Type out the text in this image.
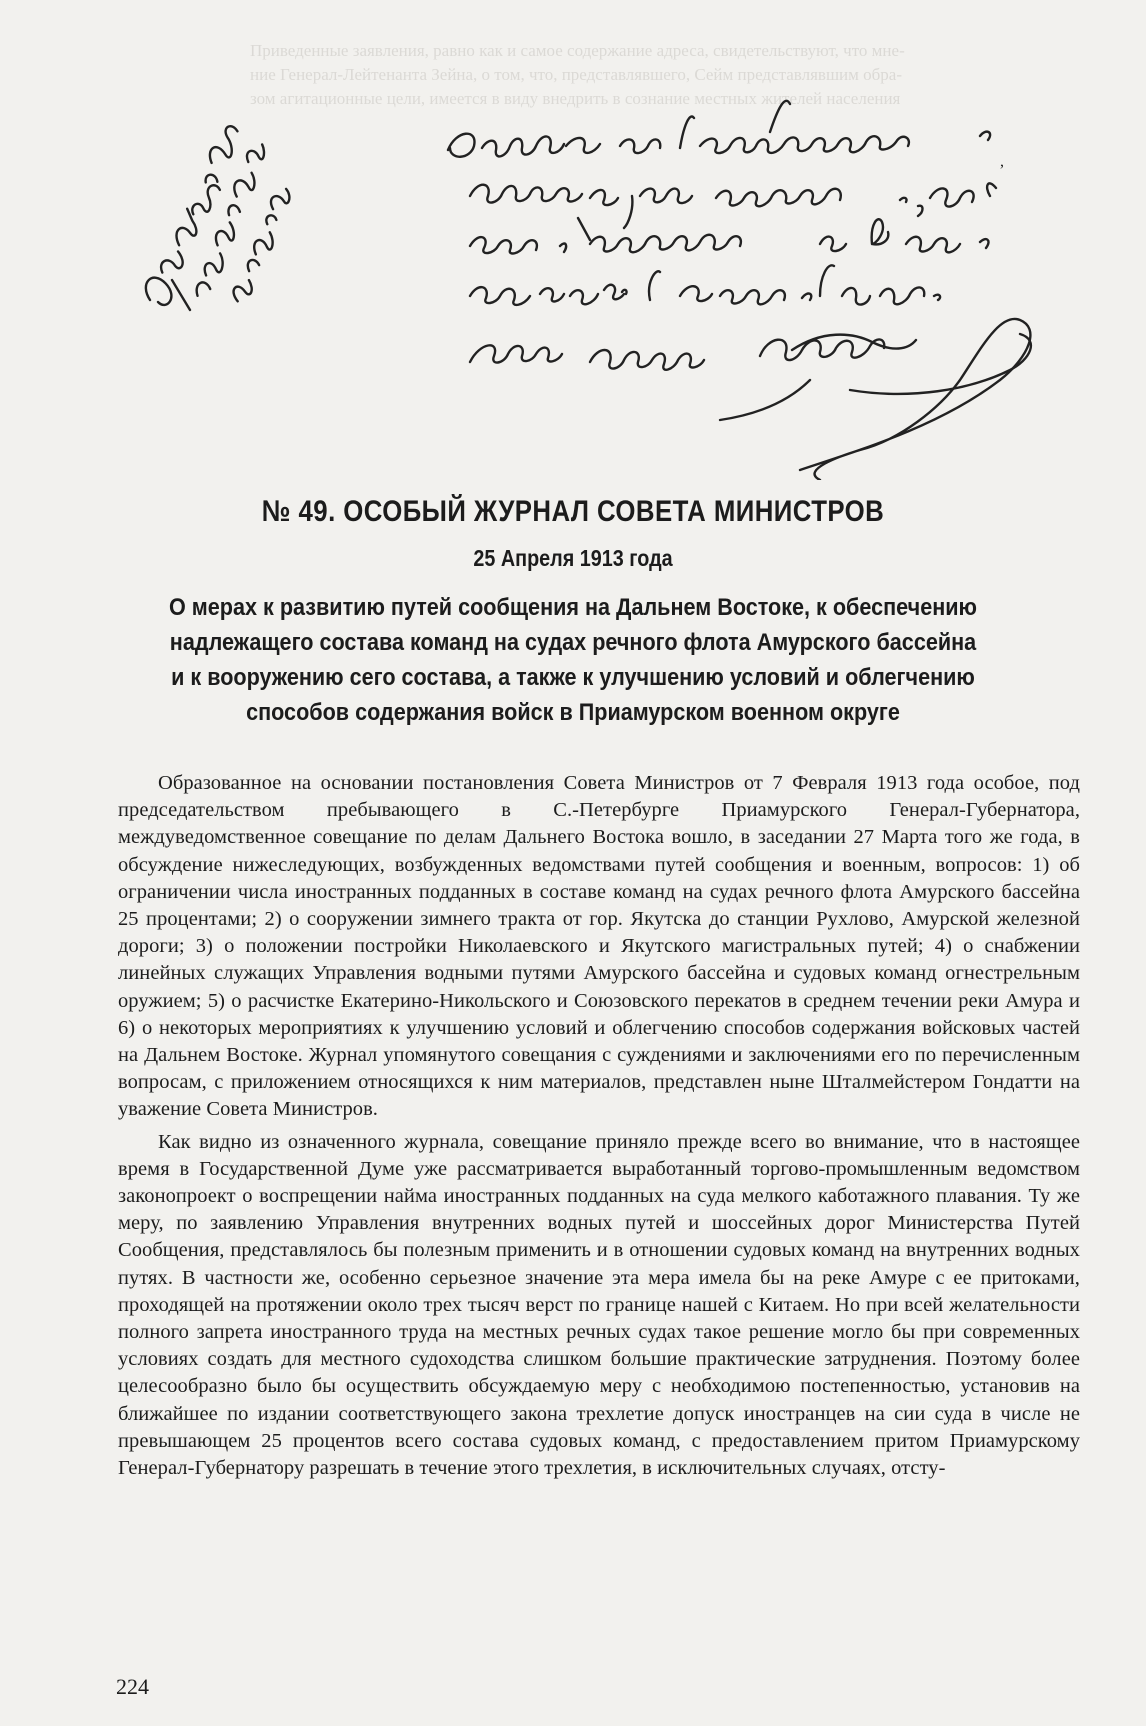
Приведенные заявления, равно как и самое содержание адреса, свидетельствуют, что мне-

ние Генерал-Лейтенанта Зейна, о том, что, представлявшего, Сейм представлявшим обра-

зом агитационные цели, имеется в виду внедрить в сознание местных жителей населения

,
№ 49. ОСОБЫЙ ЖУРНАЛ СОВЕТА МИНИСТРОВ
25 Апреля 1913 года
О мерах к развитию путей сообщения на Дальнем Востоке, к обеспечению надлежащего состава команд на судах речного флота Амурского бассейна и к вооружению сего состава, а также к улучшению условий и облегчению способов содержания войск в Приамурском военном округе

Образованное на основании постановления Совета Министров от 7 Февраля 1913 года особое, под председательством пребывающего в С.-Петербурге Приамурского Генерал-Губернатора, междуведомственное совещание по делам Дальнего Востока вошло, в заседании 27 Марта того же года, в обсуждение нижеследующих, возбужденных ведомствами путей сообщения и военным, вопросов: 1) об ограничении числа иностранных подданных в составе команд на судах речного флота Амурского бассейна 25 процентами; 2) о сооружении зимнего тракта от гор. Якутска до станции Рухлово, Амурской железной дороги; 3) о положении постройки Николаевского и Якутского магистральных путей; 4) о снабжении линейных служащих Управления водными путями Амурского бассейна и судовых команд огнестрельным оружием; 5) о расчистке Екатерино-Никольского и Союзовского перекатов в среднем течении реки Амура и 6) о некоторых мероприятиях к улучшению условий и облегчению способов содержания войсковых частей на Дальнем Востоке. Журнал упомянутого совещания с суждениями и заключениями его по перечисленным вопросам, с приложением относящихся к ним материалов, представлен ныне Шталмейстером Гондатти на уважение Совета Министров.

Как видно из означенного журнала, совещание приняло прежде всего во внимание, что в настоящее время в Государственной Думе уже рассматривается выработанный торгово-промышленным ведомством законопроект о воспрещении найма иностранных подданных на суда мелкого каботажного плавания. Ту же меру, по заявлению Управления внутренних водных путей и шоссейных дорог Министерства Путей Сообщения, представлялось бы полезным применить и в отношении судовых команд на внутренних водных путях. В частности же, особенно серьезное значение эта мера имела бы на реке Амуре с ее притоками, проходящей на протяжении около трех тысяч верст по границе нашей с Китаем. Но при всей желательности полного запрета иностранного труда на местных речных судах такое решение могло бы при современных условиях создать для местного судоходства слишком большие практические затруднения. Поэтому более целесообразно было бы осуществить обсуждаемую меру с необходимою постепенностью, установив на ближайшее по издании соответствующего закона трехлетие допуск иностранцев на сии суда в числе не превышающем 25 процентов всего состава судовых команд, с предоставлением притом Приамурскому Генерал-Губернатору разрешать в течение этого трехлетия, в исключительных случаях, отсту-

224
